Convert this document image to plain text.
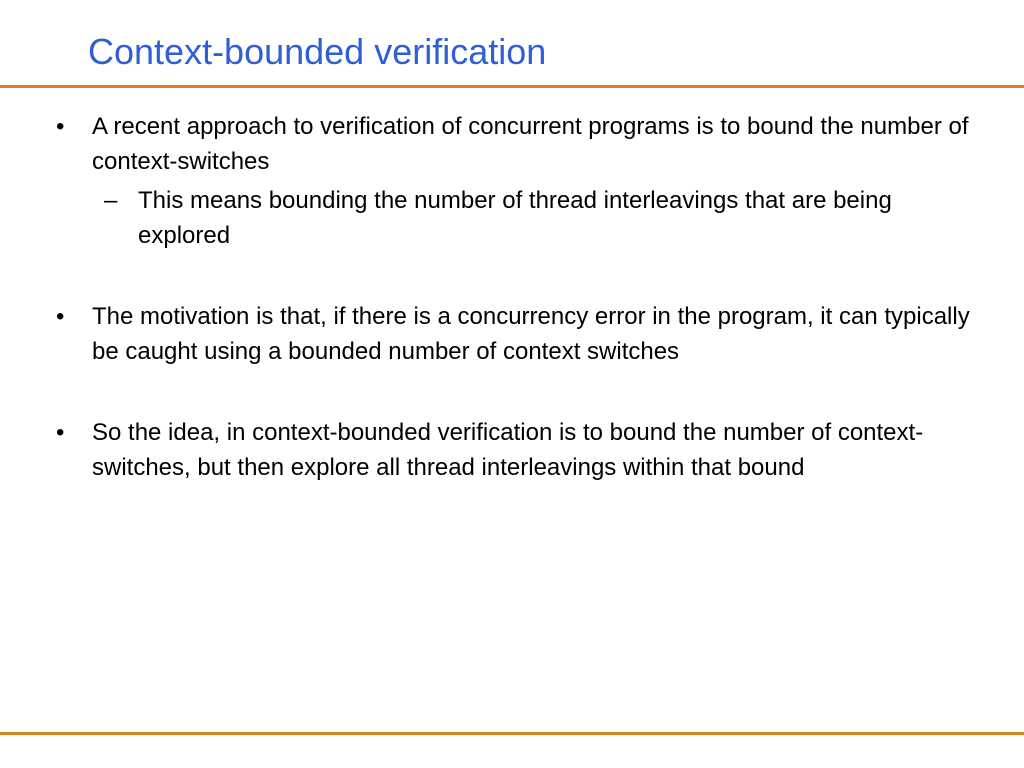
Context-bounded verification
• A recent approach to verification of concurrent programs is to bound the number of context-switches
– This means bounding the number of thread interleavings that are being explored
• The motivation is that, if there is a concurrency error in the program, it can typically be caught using a bounded number of context switches
• So the idea, in context-bounded verification is to bound the number of context-switches, but then explore all thread interleavings within that bound
